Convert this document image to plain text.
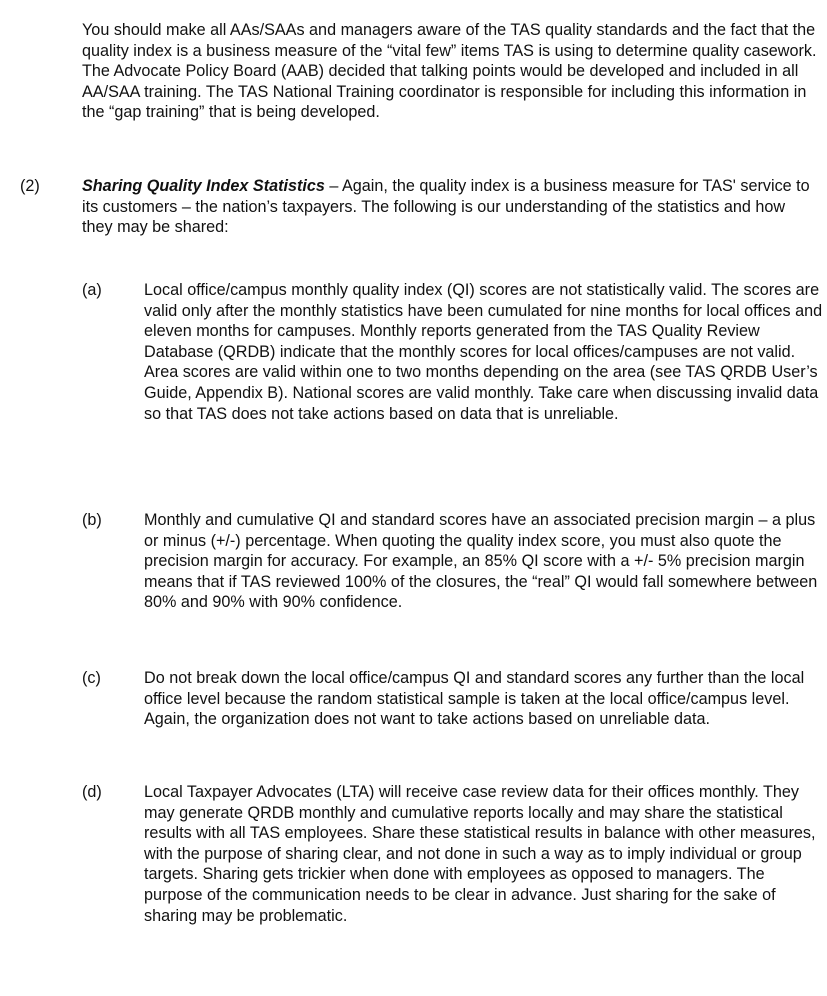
You should make all AAs/SAAs and managers aware of the TAS quality standards and the fact that the quality index is a business measure of the “vital few” items TAS is using to determine quality casework. The Advocate Policy Board (AAB) decided that talking points would be developed and included in all AA/SAA training. The TAS National Training coordinator is responsible for including this information in the “gap training” that is being developed.

(2)	Sharing Quality Index Statistics – Again, the quality index is a business measure for TAS' service to its customers – the nation’s taxpayers. The following is our understanding of the statistics and how they may be shared:

(a)	Local office/campus monthly quality index (QI) scores are not statistically valid. The scores are valid only after the monthly statistics have been cumulated for nine months for local offices and eleven months for campuses. Monthly reports generated from the TAS Quality Review Database (QRDB) indicate that the monthly scores for local offices/campuses are not valid. Area scores are valid within one to two months depending on the area (see TAS QRDB User’s Guide, Appendix B). National scores are valid monthly. Take care when discussing invalid data so that TAS does not take actions based on data that is unreliable.

(b)	Monthly and cumulative QI and standard scores have an associated precision margin – a plus or minus (+/-) percentage. When quoting the quality index score, you must also quote the precision margin for accuracy. For example, an 85% QI score with a +/- 5% precision margin means that if TAS reviewed 100% of the closures, the “real” QI would fall somewhere between 80% and 90% with 90% confidence.

(c)	Do not break down the local office/campus QI and standard scores any further than the local office level because the random statistical sample is taken at the local office/campus level. Again, the organization does not want to take actions based on unreliable data.

(d)	Local Taxpayer Advocates (LTA) will receive case review data for their offices monthly. They may generate QRDB monthly and cumulative reports locally and may share the statistical results with all TAS employees. Share these statistical results in balance with other measures, with the purpose of sharing clear, and not done in such a way as to imply individual or group targets. Sharing gets trickier when done with employees as opposed to managers. The purpose of the communication needs to be clear in advance. Just sharing for the sake of sharing may be problematic.
